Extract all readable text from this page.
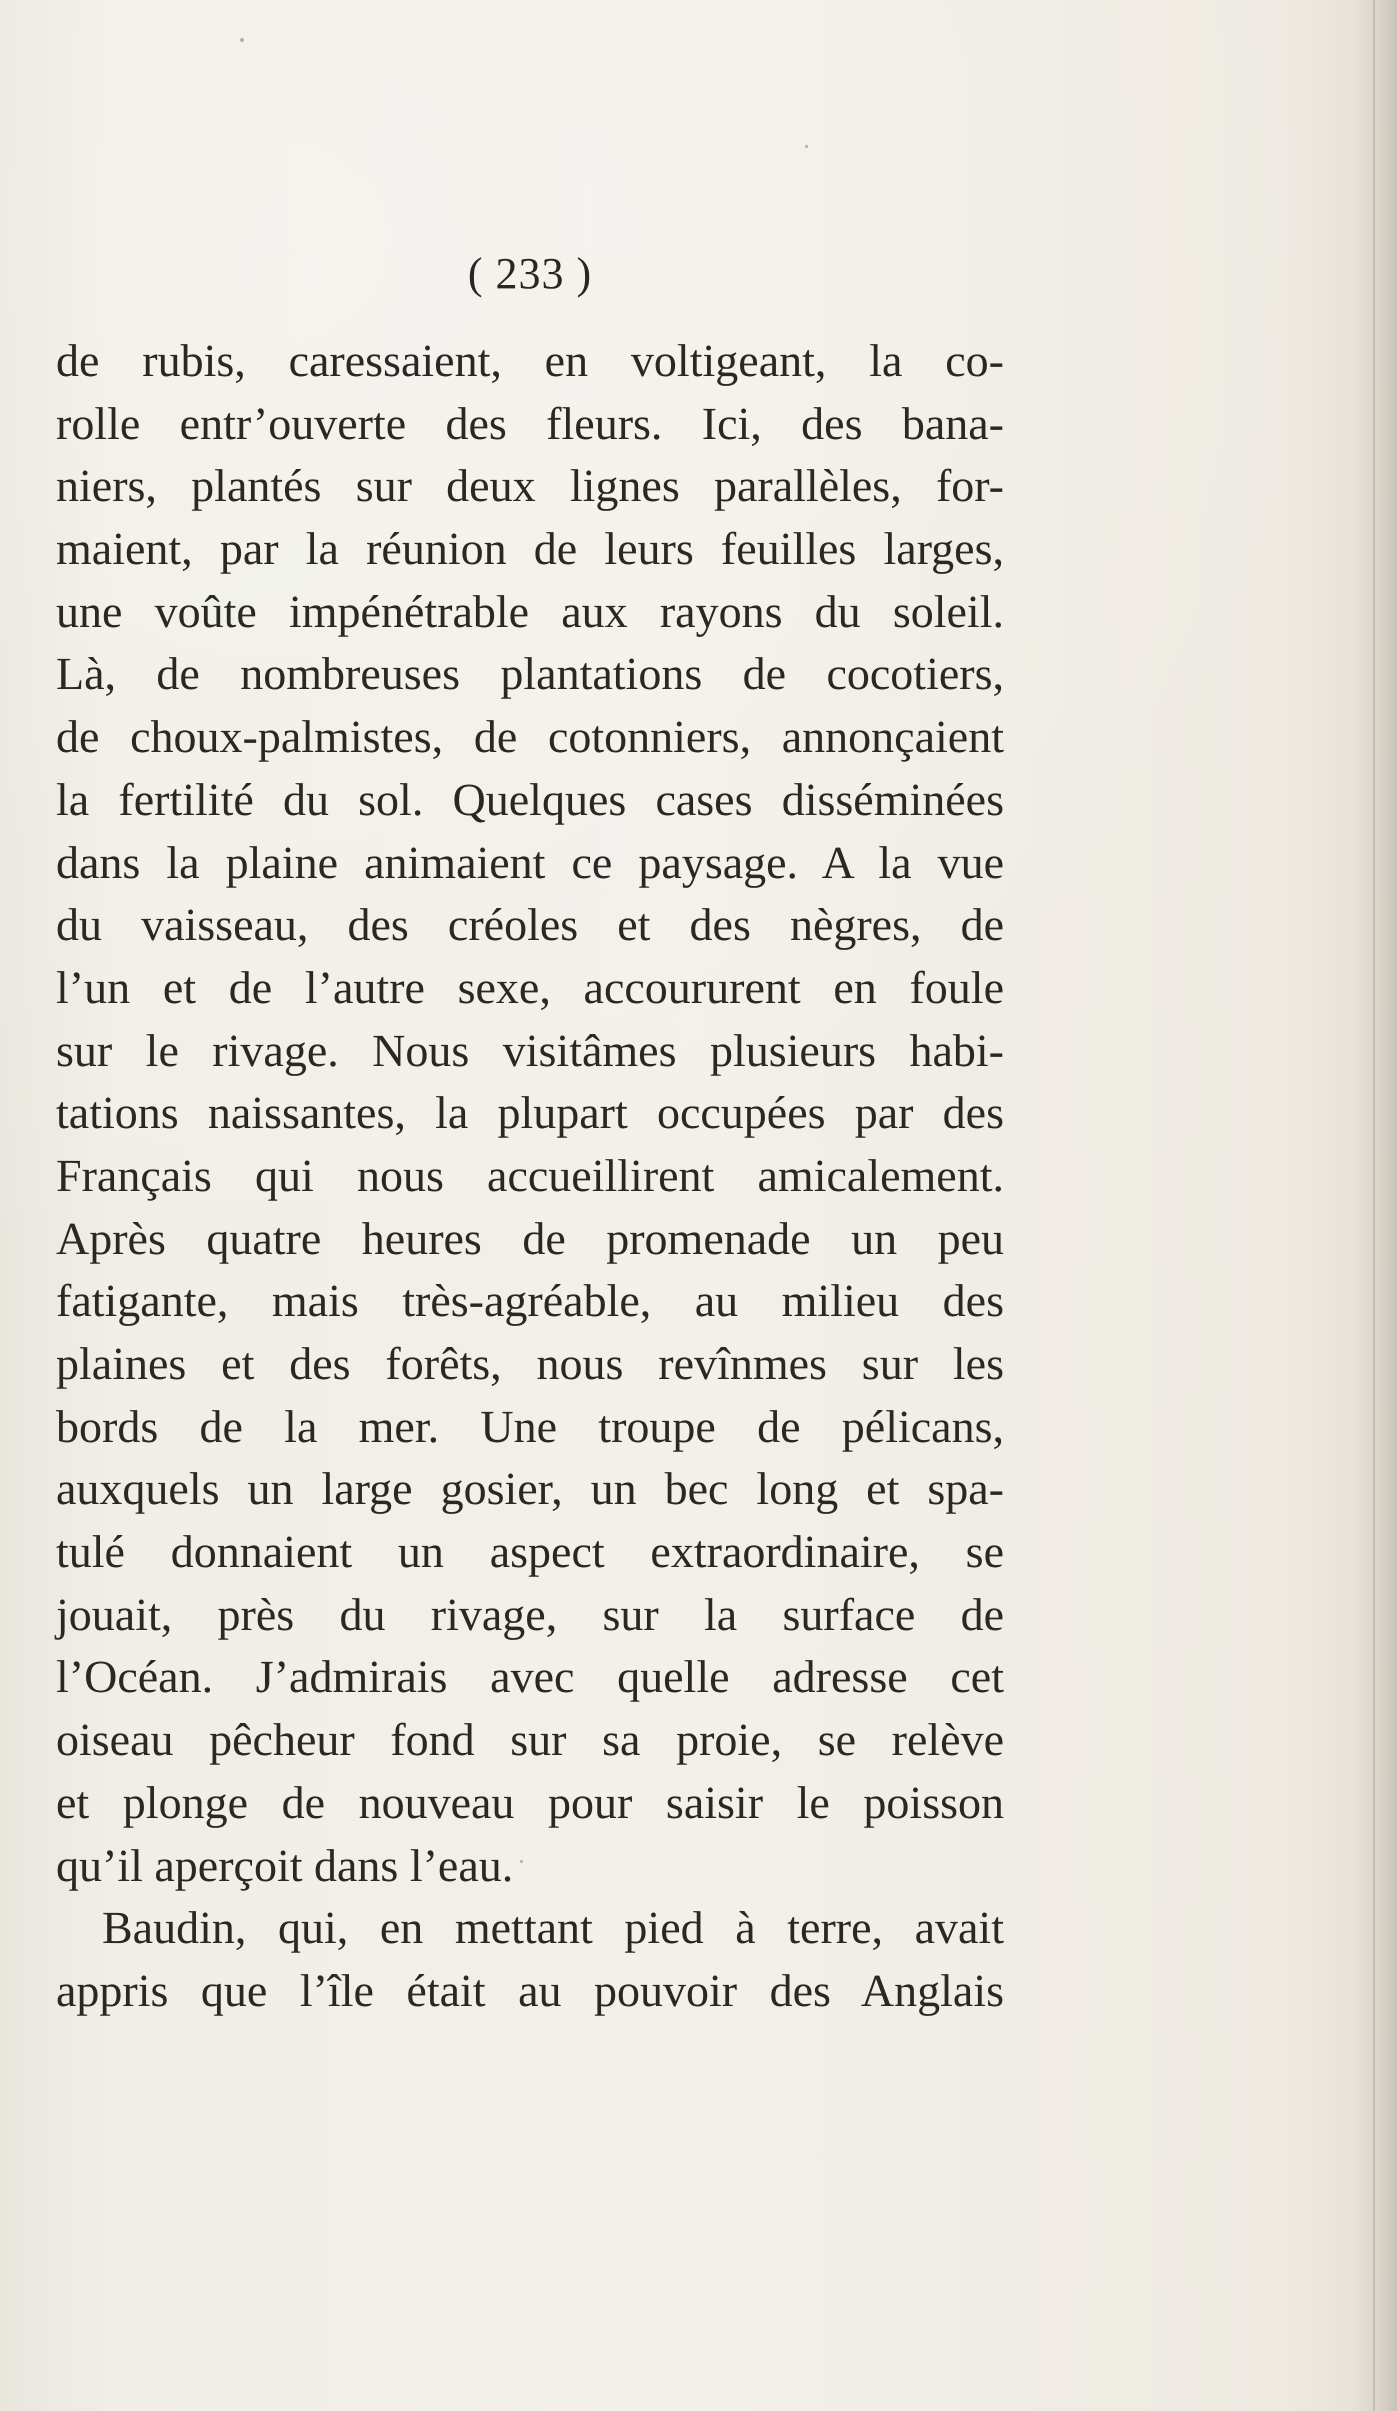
( 233 )
de rubis, caressaient, en voltigeant, la co-
rolle entr’ouverte des fleurs. Ici, des bana-
niers, plantés sur deux lignes parallèles, for-
maient, par la réunion de leurs feuilles larges,
une voûte impénétrable aux rayons du soleil.
Là, de nombreuses plantations de cocotiers,
de choux-palmistes, de cotonniers, annonçaient
la fertilité du sol. Quelques cases disséminées
dans la plaine animaient ce paysage. A la vue
du vaisseau, des créoles et des nègres, de
l’un et de l’autre sexe, accoururent en foule
sur le rivage. Nous visitâmes plusieurs habi-
tations naissantes, la plupart occupées par des
Français qui nous accueillirent amicalement.
Après quatre heures de promenade un peu
fatigante, mais très-agréable, au milieu des
plaines et des forêts, nous revînmes sur les
bords de la mer. Une troupe de pélicans,
auxquels un large gosier, un bec long et spa-
tulé donnaient un aspect extraordinaire, se
jouait, près du rivage, sur la surface de
l’Océan. J’admirais avec quelle adresse cet
oiseau pêcheur fond sur sa proie, se relève
et plonge de nouveau pour saisir le poisson
qu’il aperçoit dans l’eau.
Baudin, qui, en mettant pied à terre, avait
appris que l’île était au pouvoir des Anglais
